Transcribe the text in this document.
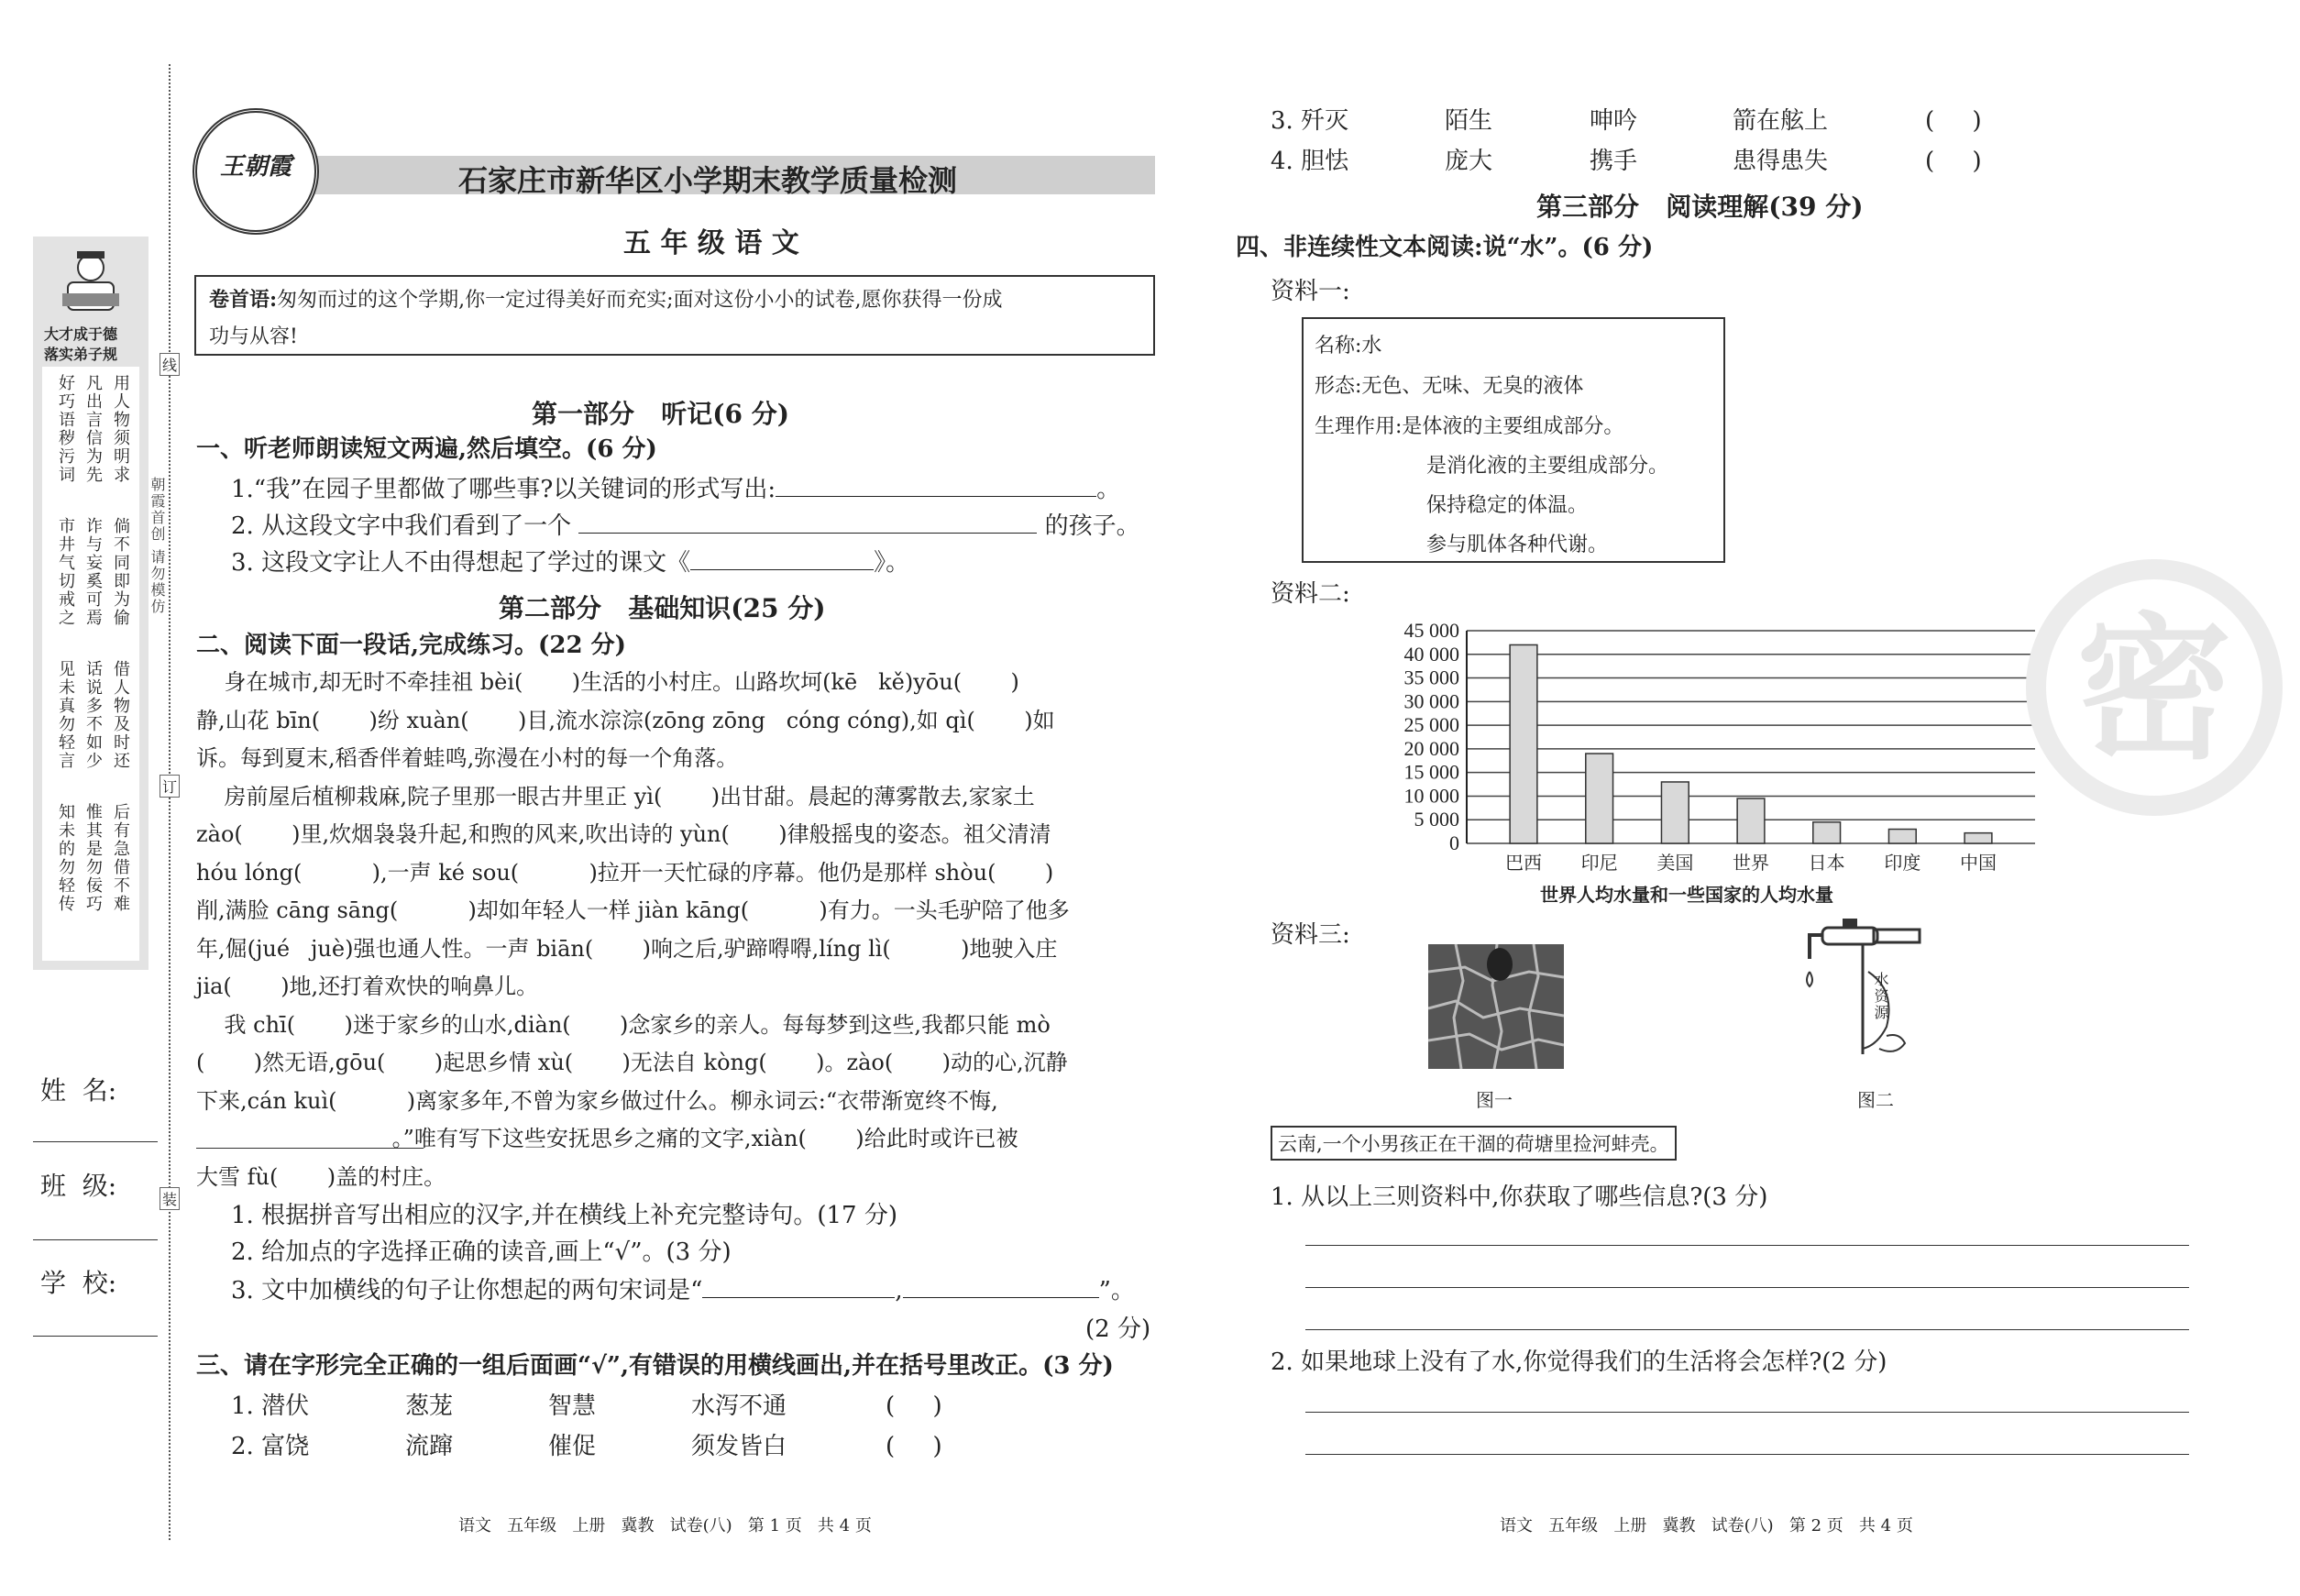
大才成于德
落实弟子规
用人物须明求
凡出言信为先
好巧语秽污词
倘不同即为偷
诈与妄奚可焉
市井气切戒之
借人物及时还
话说多不如少
见未真勿轻言
后有急借不难
惟其是勿佞巧
知未的勿轻传
朝霞首创 请勿模仿
线
订
装
姓  名:
班  级:
学  校:
王朝霞	石家庄市新华区小学期末教学质量检测
五 年 级 语 文
卷首语:匆匆而过的这个学期,你一定过得美好而充实;面对这份小小的试卷,愿你获得一份成
功与从容!
第一部分   听记(6 分)
一、听老师朗读短文两遍,然后填空。(6 分)
1.“我”在园子里都做了哪些事?以关键词的形式写出:	。
2. 从这段文字中我们看到了一个	的孩子。
3. 这段文字让人不由得想起了学过的课文《	》。
第二部分   基础知识(25 分)
二、阅读下面一段话,完成练习。(22 分)
身在城市,却无时不牵挂祖 bèi(       )生活的小村庄。山路坎坷(kē   kě)yōu(       )
静,山花 bīn(       )纷 xuàn(       )目,流水淙淙(zōng zōng   cóng cóng),如 qì(       )如
诉。每到夏末,稻香伴着蛙鸣,弥漫在小村的每一个角落。
房前屋后植柳栽麻,院子里那一眼古井里正 yì(       )出甘甜。晨起的薄雾散去,家家土
zào(       )里,炊烟袅袅升起,和煦的风来,吹出诗的 yùn(       )律般摇曳的姿态。祖父清清
hóu lóng(          ),一声 ké sou(          )拉开一天忙碌的序幕。他仍是那样 shòu(       )
削,满脸 cāng sāng(          )却如年轻人一样 jiàn kāng(          )有力。一头毛驴陪了他多
年,倔(jué   juè)强也通人性。一声 biān(       )响之后,驴蹄嘚嘚,líng lì(          )地驶入庄
jia(       )地,还打着欢快的响鼻儿。
我 chī(       )迷于家乡的山水,diàn(       )念家乡的亲人。每每梦到这些,我都只能 mò
(       )然无语,gōu(       )起思乡情 xù(       )无法自 kòng(       )。zào(       )动的心,沉静
下来,cán kuì(          )离家多年,不曾为家乡做过什么。柳永词云:“衣带渐宽终不悔,
。”唯有写下这些安抚思乡之痛的文字,xiàn(       )给此时或许已被
大雪 fù(       )盖的村庄。
1. 根据拼音写出相应的汉字,并在横线上补充完整诗句。(17 分)
2. 给加点的字选择正确的读音,画上“√”。(3 分)
3. 文中加横线的句子让你想起的两句宋词是“	,	”。
(2 分)
三、请在字形完全正确的一组后面画“√”,有错误的用横线画出,并在括号里改正。(3 分)
1. 潜伏	葱茏	智慧	水泻不通	(     )
2. 富饶	流蹿	催促	须发皆白	(     )
语文   五年级   上册   冀教   试卷(八)   第 1 页   共 4 页
3. 歼灭	陌生	呻吟	箭在舷上	(     )
4. 胆怯	庞大	携手	患得患失	(     )
第三部分   阅读理解(39 分)
四、非连续性文本阅读:说“水”。(6 分)
资料一:
名称:水
形态:无色、无味、无臭的液体
生理作用:是体液的主要组成部分。
是消化液的主要组成部分。
保持稳定的体温。
参与肌体各种代谢。
资料二:
0
5 000
10 000
15 000
20 000
25 000
30 000
35 000
40 000
45 000
巴西 印尼 美国 世界 日本 印度 中国
世界人均水量和一些国家的人均水量
资料三:
水资源
图一	图二
云南,一个小男孩正在干涸的荷塘里捡河蚌壳。
1. 从以上三则资料中,你获取了哪些信息?(3 分)
2. 如果地球上没有了水,你觉得我们的生活将会怎样?(2 分)
语文   五年级   上册   冀教   试卷(八)   第 2 页   共 4 页
密
